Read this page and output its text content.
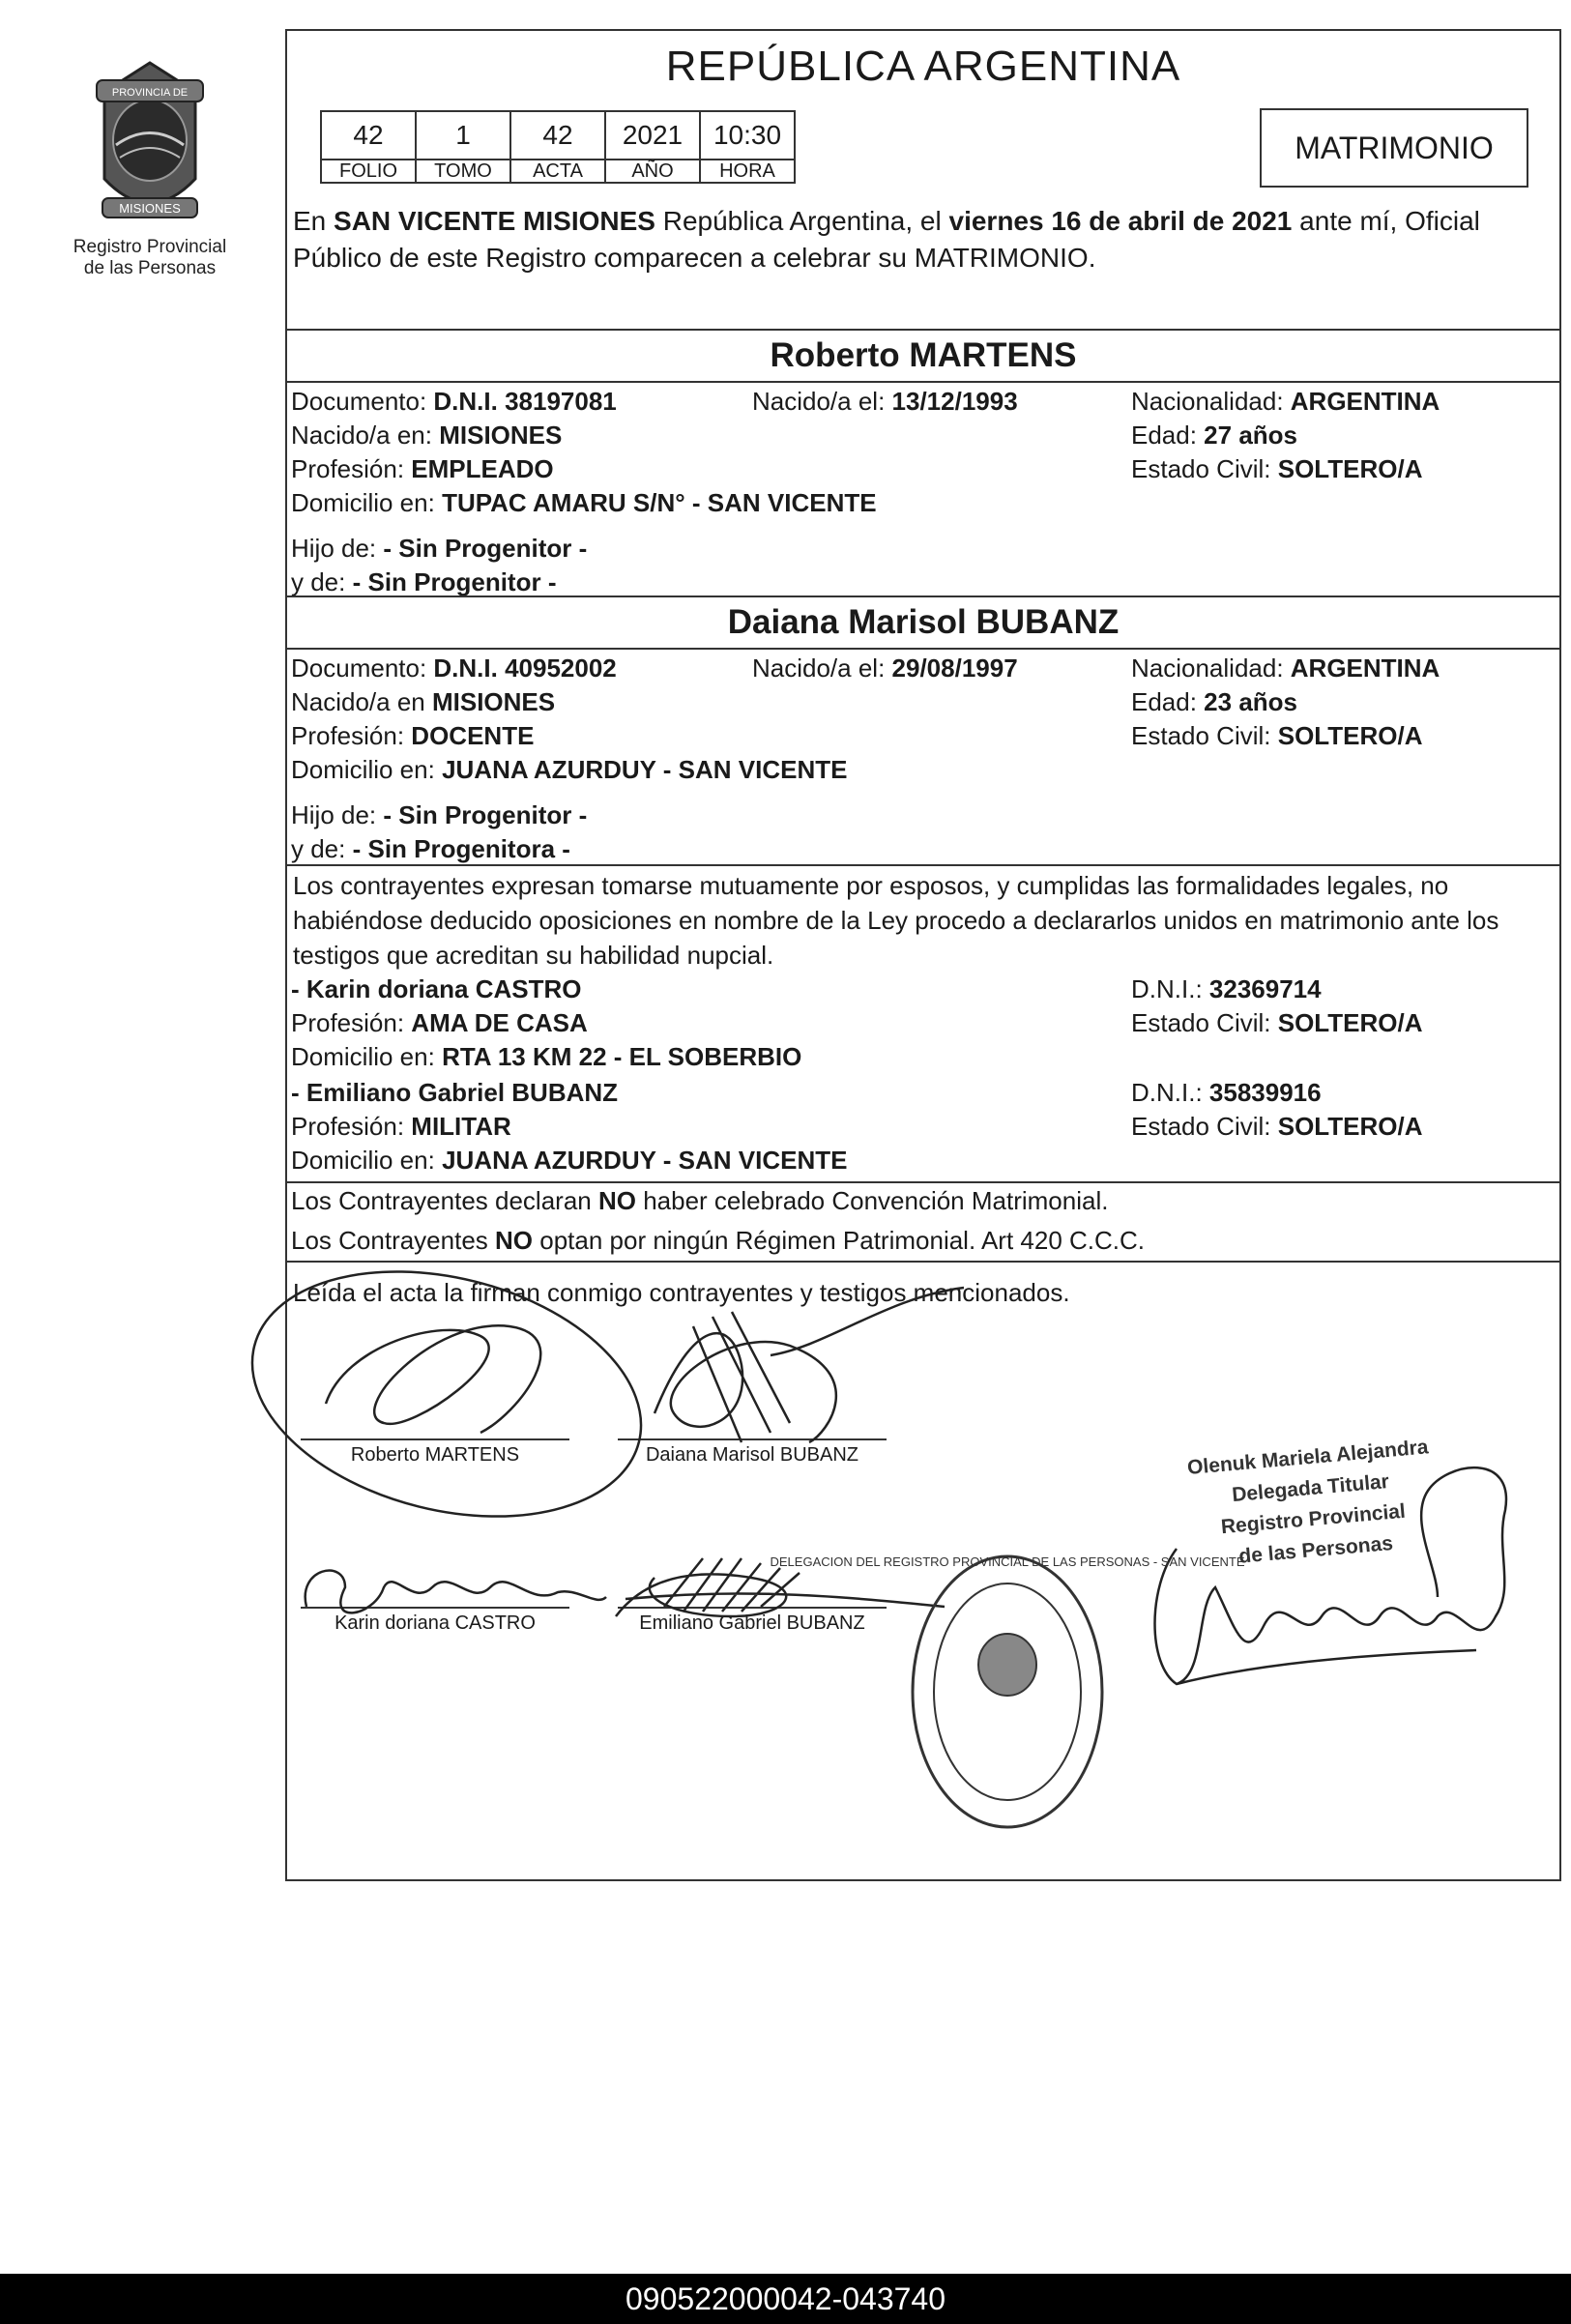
PROVINCIA DE
MISIONES
Registro Provincial
de las Personas
REPÚBLICA ARGENTINA
42	1	42	2021	10:30
FOLIO	TOMO	ACTA	AÑO	HORA
MATRIMONIO
En SAN VICENTE MISIONES República Argentina, el viernes 16 de abril de 2021 ante mí, Oficial Público de este Registro comparecen a celebrar su MATRIMONIO.
Roberto MARTENS
Documento: D.N.I. 38197081	Nacido/a el: 13/12/1993	Nacionalidad: ARGENTINA
Nacido/a en: MISIONES	Edad: 27 años
Profesión: EMPLEADO	Estado Civil: SOLTERO/A
Domicilio en: TUPAC AMARU S/N° - SAN VICENTE
Hijo de: - Sin Progenitor -
y de: - Sin Progenitor -
Daiana Marisol BUBANZ
Documento: D.N.I. 40952002	Nacido/a el: 29/08/1997	Nacionalidad: ARGENTINA
Nacido/a en MISIONES	Edad: 23 años
Profesión: DOCENTE	Estado Civil: SOLTERO/A
Domicilio en: JUANA AZURDUY - SAN VICENTE
Hijo de: - Sin Progenitor -
y de: - Sin Progenitora -
Los contrayentes expresan tomarse mutuamente por esposos, y cumplidas las formalidades legales, no habiéndose deducido oposiciones en nombre de la Ley procedo a declararlos unidos en matrimonio ante los testigos que acreditan su habilidad nupcial.
- Karin doriana CASTRO	D.N.I.: 32369714
Profesión: AMA DE CASA	Estado Civil: SOLTERO/A
Domicilio en: RTA 13 KM 22 - EL SOBERBIO
- Emiliano Gabriel BUBANZ	D.N.I.: 35839916
Profesión: MILITAR	Estado Civil: SOLTERO/A
Domicilio en: JUANA AZURDUY - SAN VICENTE
Los Contrayentes declaran NO haber celebrado Convención Matrimonial.
Los Contrayentes NO optan por ningún Régimen Patrimonial. Art 420 C.C.C.
Leída el acta la firman conmigo contrayentes y testigos mencionados.
Roberto MARTENS	Daiana Marisol BUBANZ
Karin doriana CASTRO	Emiliano Gabriel BUBANZ
DELEGACION DEL REGISTRO PROVINCIAL DE LAS PERSONAS - SAN VICENTE
Olenuk Mariela Alejandra
Delegada Titular
Registro Provincial
de las Personas
090522000042-043740
